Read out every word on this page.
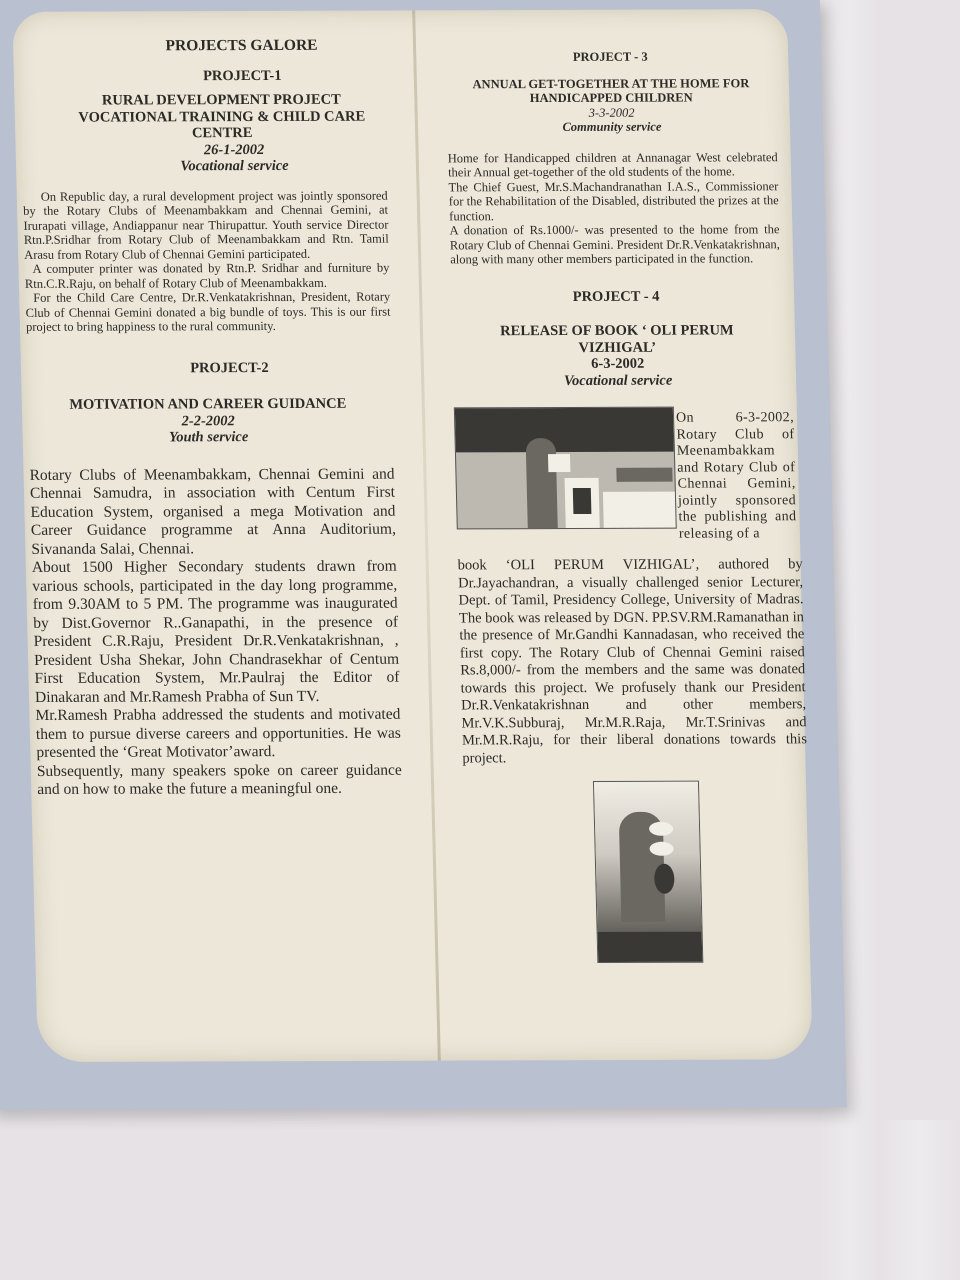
PROJECTS GALORE

PROJECT-1

RURAL DEVELOPMENT PROJECT VOCATIONAL TRAINING & CHILD CARE CENTRE

26-1-2002

Vocational service

On Republic day, a rural development project was jointly sponsored by the Rotary Clubs of Meenambakkam and Chennai Gemini, at Irurapati village, Andiappanur near Thirupattur. Youth service Director Rtn.P.Sridhar from Rotary Club of Meenambakkam and Rtn. Tamil Arasu from Rotary Club of Chennai Gemini participated.

A computer printer was donated by Rtn.P. Sridhar and furniture by Rtn.C.R.Raju, on behalf of Rotary Club of Meenambakkam.

For the Child Care Centre, Dr.R.Venkatakrishnan, President, Rotary Club of Chennai Gemini donated a big bundle of toys. This is our first project to bring happiness to the rural community.

PROJECT-2

MOTIVATION AND CAREER GUIDANCE

2-2-2002

Youth service

Rotary Clubs of Meenambakkam, Chennai Gemini and Chennai Samudra, in association with Centum First Education System, organised a mega Motivation and Career Guidance programme at Anna Auditorium, Sivananda Salai, Chennai.

About 1500 Higher Secondary students drawn from various schools, participated in the day long programme, from 9.30AM to 5 PM. The programme was inaugurated by Dist.Governor R..Ganapathi, in the presence of President C.R.Raju, President Dr.R.Venkatakrishnan, , President Usha Shekar, John Chandrasekhar of Centum First Education System, Mr.Paulraj the Editor of Dinakaran and Mr.Ramesh Prabha of Sun TV.

Mr.Ramesh Prabha addressed the students and motivated them to pursue diverse careers and opportunities. He was presented the ‘Great Motivator’award.

Subsequently, many speakers spoke on career guidance and on how to make the future a meaningful one.

PROJECT - 3

ANNUAL GET-TOGETHER AT THE HOME FOR HANDICAPPED CHILDREN

3-3-2002

Community service

Home for Handicapped children at Annanagar West celebrated their Annual get-together of the old students of the home.

The Chief Guest, Mr.S.Machandranathan I.A.S., Commissioner for the Rehabilitation of the Disabled, distributed the prizes at the function.

A donation of Rs.1000/- was presented to the home from the Rotary Club of Chennai Gemini. President Dr.R.Venkatakrishnan, along with many other members participated in the function.

PROJECT - 4

RELEASE OF BOOK ‘ OLI PERUM VIZHIGAL’

6-3-2002

Vocational service

On 6-3-2002, Rotary Club of Meenambakkam and Rotary Club of Chennai Gemini, jointly sponsored the publishing and releasing of a

book ‘OLI PERUM VIZHIGAL’, authored by Dr.Jayachandran, a visually challenged senior Lecturer, Dept. of Tamil, Presidency College, University of Madras. The book was released by DGN. PP.SV.RM.Ramanathan in the presence of Mr.Gandhi Kannadasan, who received the first copy. The Rotary Club of Chennai Gemini raised Rs.8,000/- from the members and the same was donated towards this project. We profusely thank our President Dr.R.Venkatakrishnan and other members, Mr.V.K.Subburaj, Mr.M.R.Raja, Mr.T.Srinivas and Mr.M.R.Raju, for their liberal donations towards this project.
